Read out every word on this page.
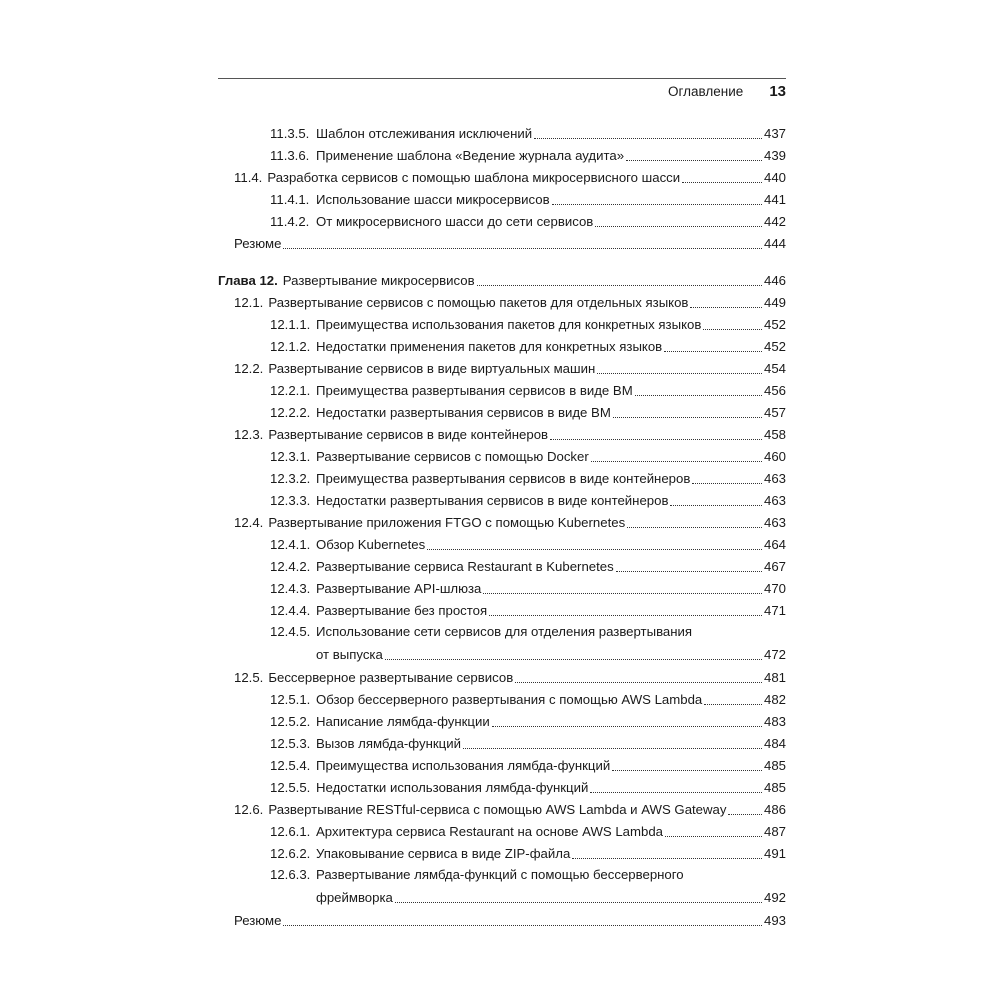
Оглавление 13
11.3.5. Шаблон отслеживания исключений	437
11.3.6. Применение шаблона «Ведение журнала аудита»	439
11.4. Разработка сервисов с помощью шаблона микросервисного шасси	440
11.4.1. Использование шасси микросервисов	441
11.4.2. От микросервисного шасси до сети сервисов	442
Резюме	444
Глава 12. Развертывание микросервисов	446
12.1. Развертывание сервисов с помощью пакетов для отдельных языков	449
12.1.1. Преимущества использования пакетов для конкретных языков	452
12.1.2. Недостатки применения пакетов для конкретных языков	452
12.2. Развертывание сервисов в виде виртуальных машин	454
12.2.1. Преимущества развертывания сервисов в виде ВМ	456
12.2.2. Недостатки развертывания сервисов в виде ВМ	457
12.3. Развертывание сервисов в виде контейнеров	458
12.3.1. Развертывание сервисов с помощью Docker	460
12.3.2. Преимущества развертывания сервисов в виде контейнеров	463
12.3.3. Недостатки развертывания сервисов в виде контейнеров	463
12.4. Развертывание приложения FTGO с помощью Kubernetes	463
12.4.1. Обзор Kubernetes	464
12.4.2. Развертывание сервиса Restaurant в Kubernetes	467
12.4.3. Развертывание API-шлюза	470
12.4.4. Развертывание без простоя	471
12.4.5. Использование сети сервисов для отделения развертывания
от выпуска	472
12.5. Бессерверное развертывание сервисов	481
12.5.1. Обзор бессерверного развертывания с помощью AWS Lambda	482
12.5.2. Написание лямбда-функции	483
12.5.3. Вызов лямбда-функций	484
12.5.4. Преимущества использования лямбда-функций	485
12.5.5. Недостатки использования лямбда-функций	485
12.6. Развертывание RESTful-сервиса с помощью AWS Lambda и AWS Gateway	486
12.6.1. Архитектура сервиса Restaurant на основе AWS Lambda	487
12.6.2. Упаковывание сервиса в виде ZIP-файла	491
12.6.3. Развертывание лямбда-функций с помощью бессерверного
фреймворка	492
Резюме	493
